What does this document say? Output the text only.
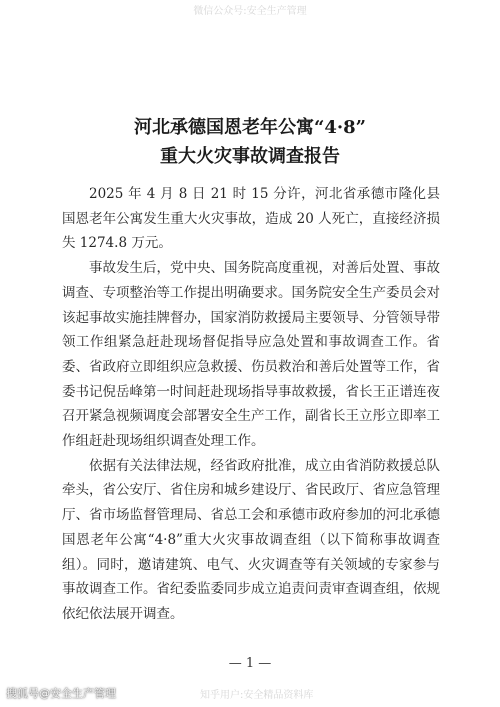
微信公众号:安全生产管理
河北承德国恩老年公寓“4·8”
重大火灾事故调查报告

2025 年 4 月 8 日 21 时 15 分许，河北省承德市隆化县国恩老年公寓发生重大火灾事故，造成 20 人死亡，直接经济损失 1274.8 万元。

事故发生后，党中央、国务院高度重视，对善后处置、事故调查、专项整治等工作提出明确要求。国务院安全生产委员会对该起事故实施挂牌督办，国家消防救援局主要领导、分管领导带领工作组紧急赶赴现场督促指导应急处置和事故调查工作。省委、省政府立即组织应急救援、伤员救治和善后处置等工作，省委书记倪岳峰第一时间赶赴现场指导事故救援，省长王正谱连夜召开紧急视频调度会部署安全生产工作，副省长王立彤立即率工作组赶赴现场组织调查处理工作。

依据有关法律法规，经省政府批准，成立由省消防救援总队牵头，省公安厅、省住房和城乡建设厅、省民政厅、省应急管理厅、省市场监督管理局、省总工会和承德市政府参加的河北承德国恩老年公寓“4·8”重大火灾事故调查组（以下简称事故调查组）。同时，邀请建筑、电气、火灾调查等有关领域的专家参与事故调查工作。省纪委监委同步成立追责问责审查调查组，依规依纪依法展开调查。

— 1 —
搜狐号@安全生产管理	知乎用户:安全精品资料库
